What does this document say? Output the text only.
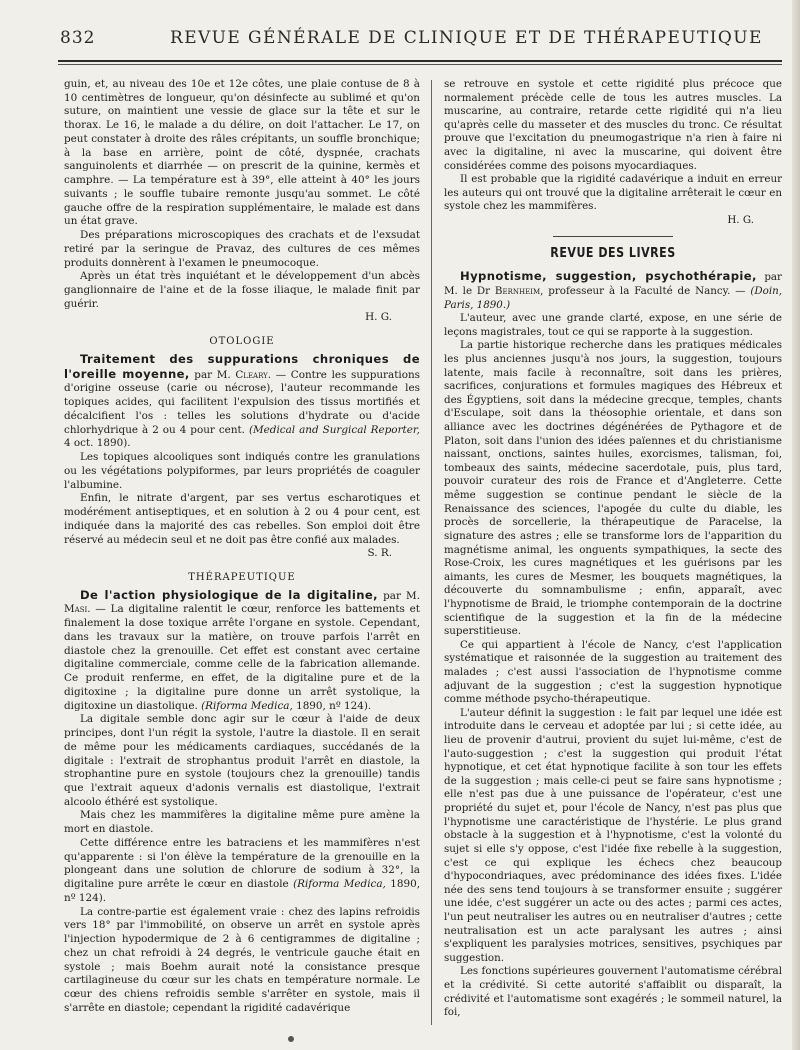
832	REVUE GÉNÉRALE DE CLINIQUE ET DE THÉRAPEUTIQUE

guin, et, au niveau des 10e et 12e côtes, une plaie contuse de 8 à 10 centimètres de longueur, qu'on désinfecte au sublimé et qu'on suture, on maintient une vessie de glace sur la tête et sur le thorax. Le 16, le malade a du délire, on doit l'attacher. Le 17, on peut constater à droite des râles crépitants, un souffle bronchique; à la base en arrière, point de côté, dyspnée, crachats sanguinolents et diarrhée — on prescrit de la quinine, kermès et camphre. — La température est à 39°, elle atteint à 40° les jours suivants ; le souffle tubaire remonte jusqu'au sommet. Le côté gauche offre de la respiration supplémentaire, le malade est dans un état grave.

Des préparations microscopiques des crachats et de l'exsudat retiré par la seringue de Pravaz, des cultures de ces mêmes produits donnèrent à l'examen le pneumocoque.

Après un état très inquiétant et le développement d'un abcès ganglionnaire de l'aine et de la fosse iliaque, le malade finit par guérir.

H. G.

OTOLOGIE

Traitement des suppurations chroniques de l'oreille moyenne, par M. Cleary. — Contre les suppurations d'origine osseuse (carie ou nécrose), l'auteur recommande les topiques acides, qui facilitent l'expulsion des tissus mortifiés et décalcifient l'os : telles les solutions d'hydrate ou d'acide chlorhydrique à 2 ou 4 pour cent. (Medical and Surgical Reporter, 4 oct. 1890).

Les topiques alcooliques sont indiqués contre les granulations ou les végétations polypiformes, par leurs propriétés de coaguler l'albumine.

Enfin, le nitrate d'argent, par ses vertus escharotiques et modérément antiseptiques, et en solution à 2 ou 4 pour cent, est indiquée dans la majorité des cas rebelles. Son emploi doit être réservé au médecin seul et ne doit pas être confié aux malades.

S. R.

THÉRAPEUTIQUE

De l'action physiologique de la digitaline, par M. Masi. — La digitaline ralentit le cœur, renforce les battements et finalement la dose toxique arrête l'organe en systole. Cependant, dans les travaux sur la matière, on trouve parfois l'arrêt en diastole chez la grenouille. Cet effet est constant avec certaine digitaline commerciale, comme celle de la fabrication allemande. Ce produit renferme, en effet, de la digitaline pure et de la digitoxine ; la digitaline pure donne un arrêt systolique, la digitoxine un diastolique. (Riforma Medica, 1890, nº 124).

La digitale semble donc agir sur le cœur à l'aide de deux principes, dont l'un régit la systole, l'autre la diastole. Il en serait de même pour les médicaments cardiaques, succédanés de la digitale : l'extrait de strophantus produit l'arrêt en diastole, la strophantine pure en systole (toujours chez la grenouille) tandis que l'extrait aqueux d'adonis vernalis est diastolique, l'extrait alcoolo éthéré est systolique.

Mais chez les mammifères la digitaline même pure amène la mort en diastole.

Cette différence entre les batraciens et les mammifères n'est qu'apparente : si l'on élève la température de la grenouille en la plongeant dans une solution de chlorure de sodium à 32°, la digitaline pure arrête le cœur en diastole (Riforma Medica, 1890, nº 124).

La contre-partie est également vraie : chez des lapins refroidis vers 18° par l'immobilité, on observe un arrêt en systole après l'injection hypodermique de 2 à 6 centigrammes de digitaline ; chez un chat refroidi à 24 degrés, le ventricule gauche était en systole ; mais Boehm aurait noté la consistance presque cartilagineuse du cœur sur les chats en température normale. Le cœur des chiens refroidis semble s'arrêter en systole, mais il s'arrête en diastole; cependant la rigidité cadavérique

se retrouve en systole et cette rigidité plus précoce que normalement précède celle de tous les autres muscles. La muscarine, au contraire, retarde cette rigidité qui n'a lieu qu'après celle du masseter et des muscles du tronc. Ce résultat prouve que l'excitation du pneumogastrique n'a rien à faire ni avec la digitaline, ni avec la muscarine, qui doivent être considérées comme des poisons myocardiaques.

Il est probable que la rigidité cadavérique a induit en erreur les auteurs qui ont trouvé que la digitaline arrêterait le cœur en systole chez les mammifères.

H. G.

REVUE DES LIVRES

Hypnotisme, suggestion, psychothérapie, par M. le Dr Bernheim, professeur à la Faculté de Nancy. — (Doin, Paris, 1890.)

L'auteur, avec une grande clarté, expose, en une série de leçons magistrales, tout ce qui se rapporte à la suggestion.

La partie historique recherche dans les pratiques médicales les plus anciennes jusqu'à nos jours, la suggestion, toujours latente, mais facile à reconnaître, soit dans les prières, sacrifices, conjurations et formules magiques des Hébreux et des Égyptiens, soit dans la médecine grecque, temples, chants d'Esculape, soit dans la théosophie orientale, et dans son alliance avec les doctrines dégénérées de Pythagore et de Platon, soit dans l'union des idées païennes et du christianisme naissant, onctions, saintes huiles, exorcismes, talisman, foi, tombeaux des saints, médecine sacerdotale, puis, plus tard, pouvoir curateur des rois de France et d'Angleterre. Cette même suggestion se continue pendant le siècle de la Renaissance des sciences, l'apogée du culte du diable, les procès de sorcellerie, la thérapeutique de Paracelse, la signature des astres ; elle se transforme lors de l'apparition du magnétisme animal, les onguents sympathiques, la secte des Rose-Croix, les cures magnétiques et les guérisons par les aimants, les cures de Mesmer, les bouquets magnétiques, la découverte du somnambulisme ; enfin, apparaît, avec l'hypnotisme de Braid, le triomphe contemporain de la doctrine scientifique de la suggestion et la fin de la médecine superstitieuse.

Ce qui appartient à l'école de Nancy, c'est l'application systématique et raisonnée de la suggestion au traitement des malades ; c'est aussi l'association de l'hypnotisme comme adjuvant de la suggestion ; c'est la suggestion hypnotique comme méthode psycho-thérapeutique.

L'auteur définit la suggestion : le fait par lequel une idée est introduite dans le cerveau et adoptée par lui ; si cette idée, au lieu de provenir d'autrui, provient du sujet lui-même, c'est de l'auto-suggestion ; c'est la suggestion qui produit l'état hypnotique, et cet état hypnotique facilite à son tour les effets de la suggestion ; mais celle-ci peut se faire sans hypnotisme ; elle n'est pas due à une puissance de l'opérateur, c'est une propriété du sujet et, pour l'école de Nancy, n'est pas plus que l'hypnotisme une caractéristique de l'hystérie. Le plus grand obstacle à la suggestion et à l'hypnotisme, c'est la volonté du sujet si elle s'y oppose, c'est l'idée fixe rebelle à la suggestion, c'est ce qui explique les échecs chez beaucoup d'hypocondriaques, avec prédominance des idées fixes. L'idée née des sens tend toujours à se transformer ensuite ; suggérer une idée, c'est suggérer un acte ou des actes ; parmi ces actes, l'un peut neutraliser les autres ou en neutraliser d'autres ; cette neutralisation est un acte paralysant les autres ; ainsi s'expliquent les paralysies motrices, sensitives, psychiques par suggestion.

Les fonctions supérieures gouvernent l'automatisme cérébral et la crédivité. Si cette autorité s'affaiblit ou disparaît, la crédivité et l'automatisme sont exagérés ; le sommeil naturel, la foi,
